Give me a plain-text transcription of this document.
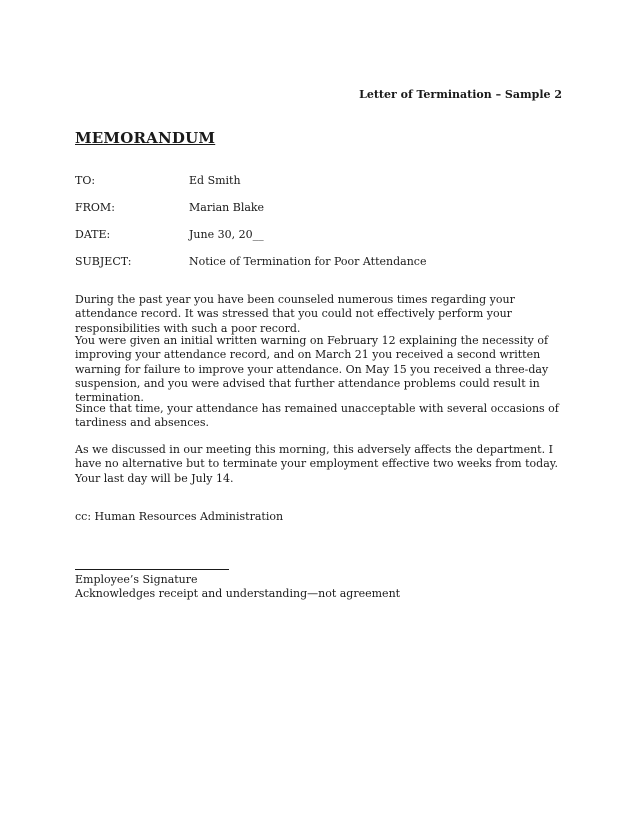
Letter of Termination – Sample 2
MEMORANDUM
TO:	Ed Smith
FROM:	Marian Blake
DATE:	June 30, 20__
SUBJECT:	Notice of Termination for Poor Attendance

During the past year you have been counseled numerous times regarding your attendance record. It was stressed that you could not effectively perform your responsibilities with such a poor record.

You were given an initial written warning on February 12 explaining the necessity of improving your attendance record, and on March 21 you received a second written warning for failure to improve your attendance. On May 15 you received a three-day suspension, and you were advised that further attendance problems could result in termination.

Since that time, your attendance has remained unacceptable with several occasions of tardiness and absences.

As we discussed in our meeting this morning, this adversely affects the department. I have no alternative but to terminate your employment effective two weeks from today. Your last day will be July 14.

cc: Human Resources Administration
Employee’s Signature
Acknowledges receipt and understanding—not agreement
